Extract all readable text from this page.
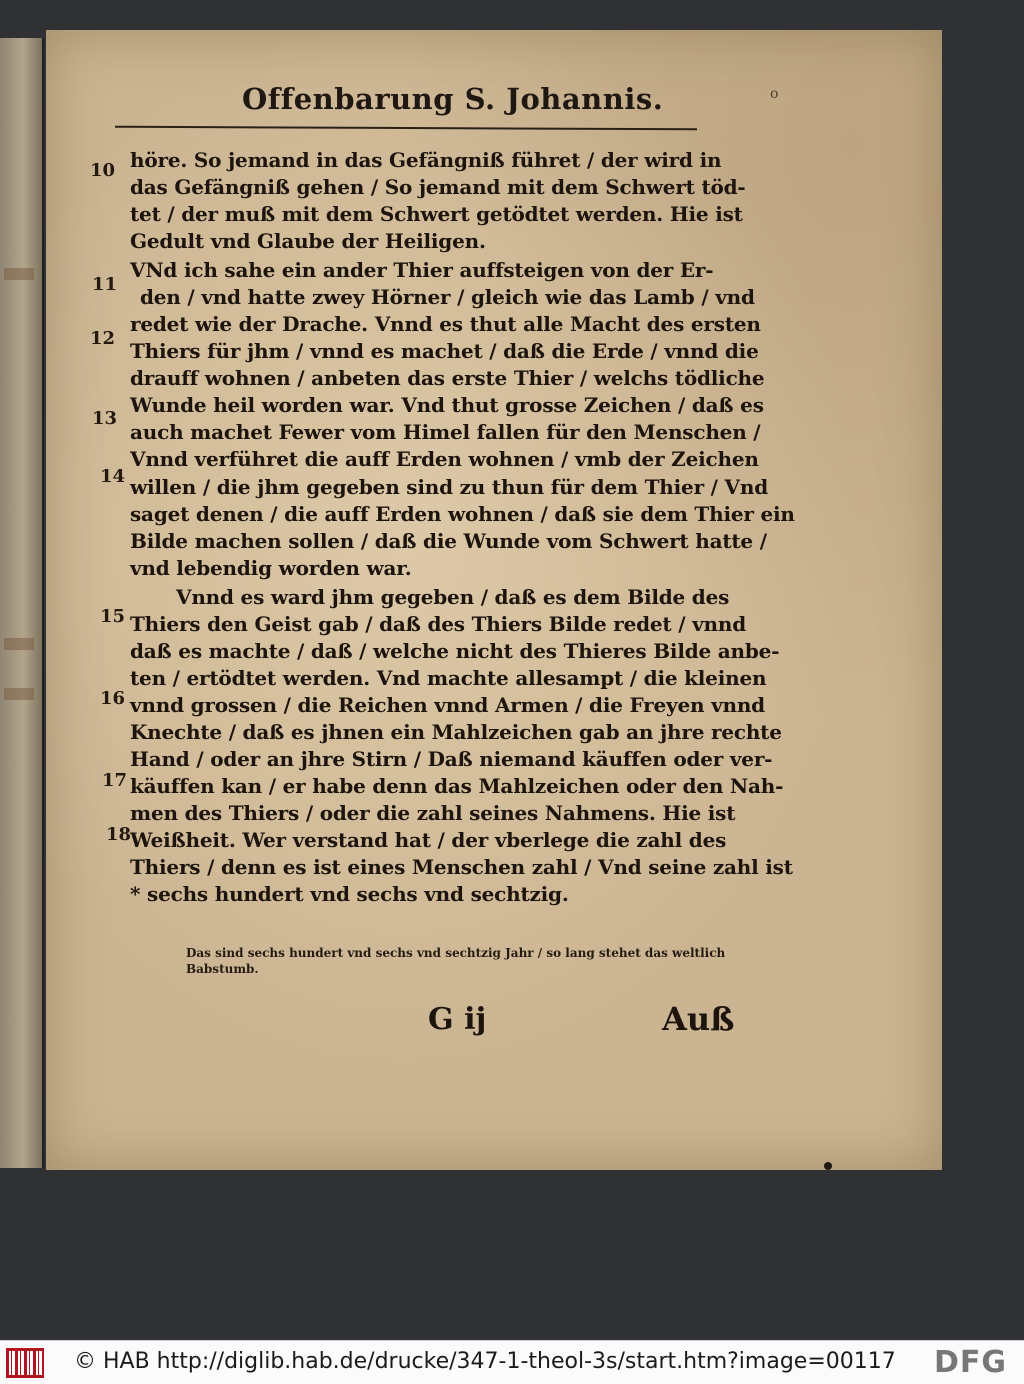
Offenbarung S. Johannis.	o
10
11
12
13
14
15
16
17
18
höre. So jemand in das Gefängniß führet / der wird in
das Gefängniß gehen / So jemand mit dem Schwert töd-
tet / der muß mit dem Schwert getödtet werden. Hie ist
Gedult vnd Glaube der Heiligen.
VNd ich sahe ein ander Thier auffsteigen von der Er-
den / vnd hatte zwey Hörner / gleich wie das Lamb / vnd
redet wie der Drache. Vnnd es thut alle Macht des ersten
Thiers für jhm / vnnd es machet / daß die Erde / vnnd die
drauff wohnen / anbeten das erste Thier / welchs tödliche
Wunde heil worden war. Vnd thut grosse Zeichen / daß es
auch machet Fewer vom Himel fallen für den Menschen /
Vnnd verführet die auff Erden wohnen / vmb der Zeichen
willen / die jhm gegeben sind zu thun für dem Thier / Vnd
saget denen / die auff Erden wohnen / daß sie dem Thier ein
Bilde machen sollen / daß die Wunde vom Schwert hatte /
vnd lebendig worden war.
Vnnd es ward jhm gegeben / daß es dem Bilde des
Thiers den Geist gab / daß des Thiers Bilde redet / vnnd
daß es machte / daß / welche nicht des Thieres Bilde anbe-
ten / ertödtet werden. Vnd machte allesampt / die kleinen
vnnd grossen / die Reichen vnnd Armen / die Freyen vnnd
Knechte / daß es jhnen ein Mahlzeichen gab an jhre rechte
Hand / oder an jhre Stirn / Daß niemand käuffen oder ver-
käuffen kan / er habe denn das Mahlzeichen oder den Nah-
men des Thiers / oder die zahl seines Nahmens. Hie ist
Weißheit. Wer verstand hat / der vberlege die zahl des
Thiers / denn es ist eines Menschen zahl / Vnd seine zahl ist
* sechs hundert vnd sechs vnd sechtzig.
Das sind sechs hundert vnd sechs vnd sechtzig Jahr / so lang stehet das weltlich
Babstumb.
G ij	Auß
© HAB http://diglib.hab.de/drucke/347-1-theol-3s/start.htm?image=00117 DFG
